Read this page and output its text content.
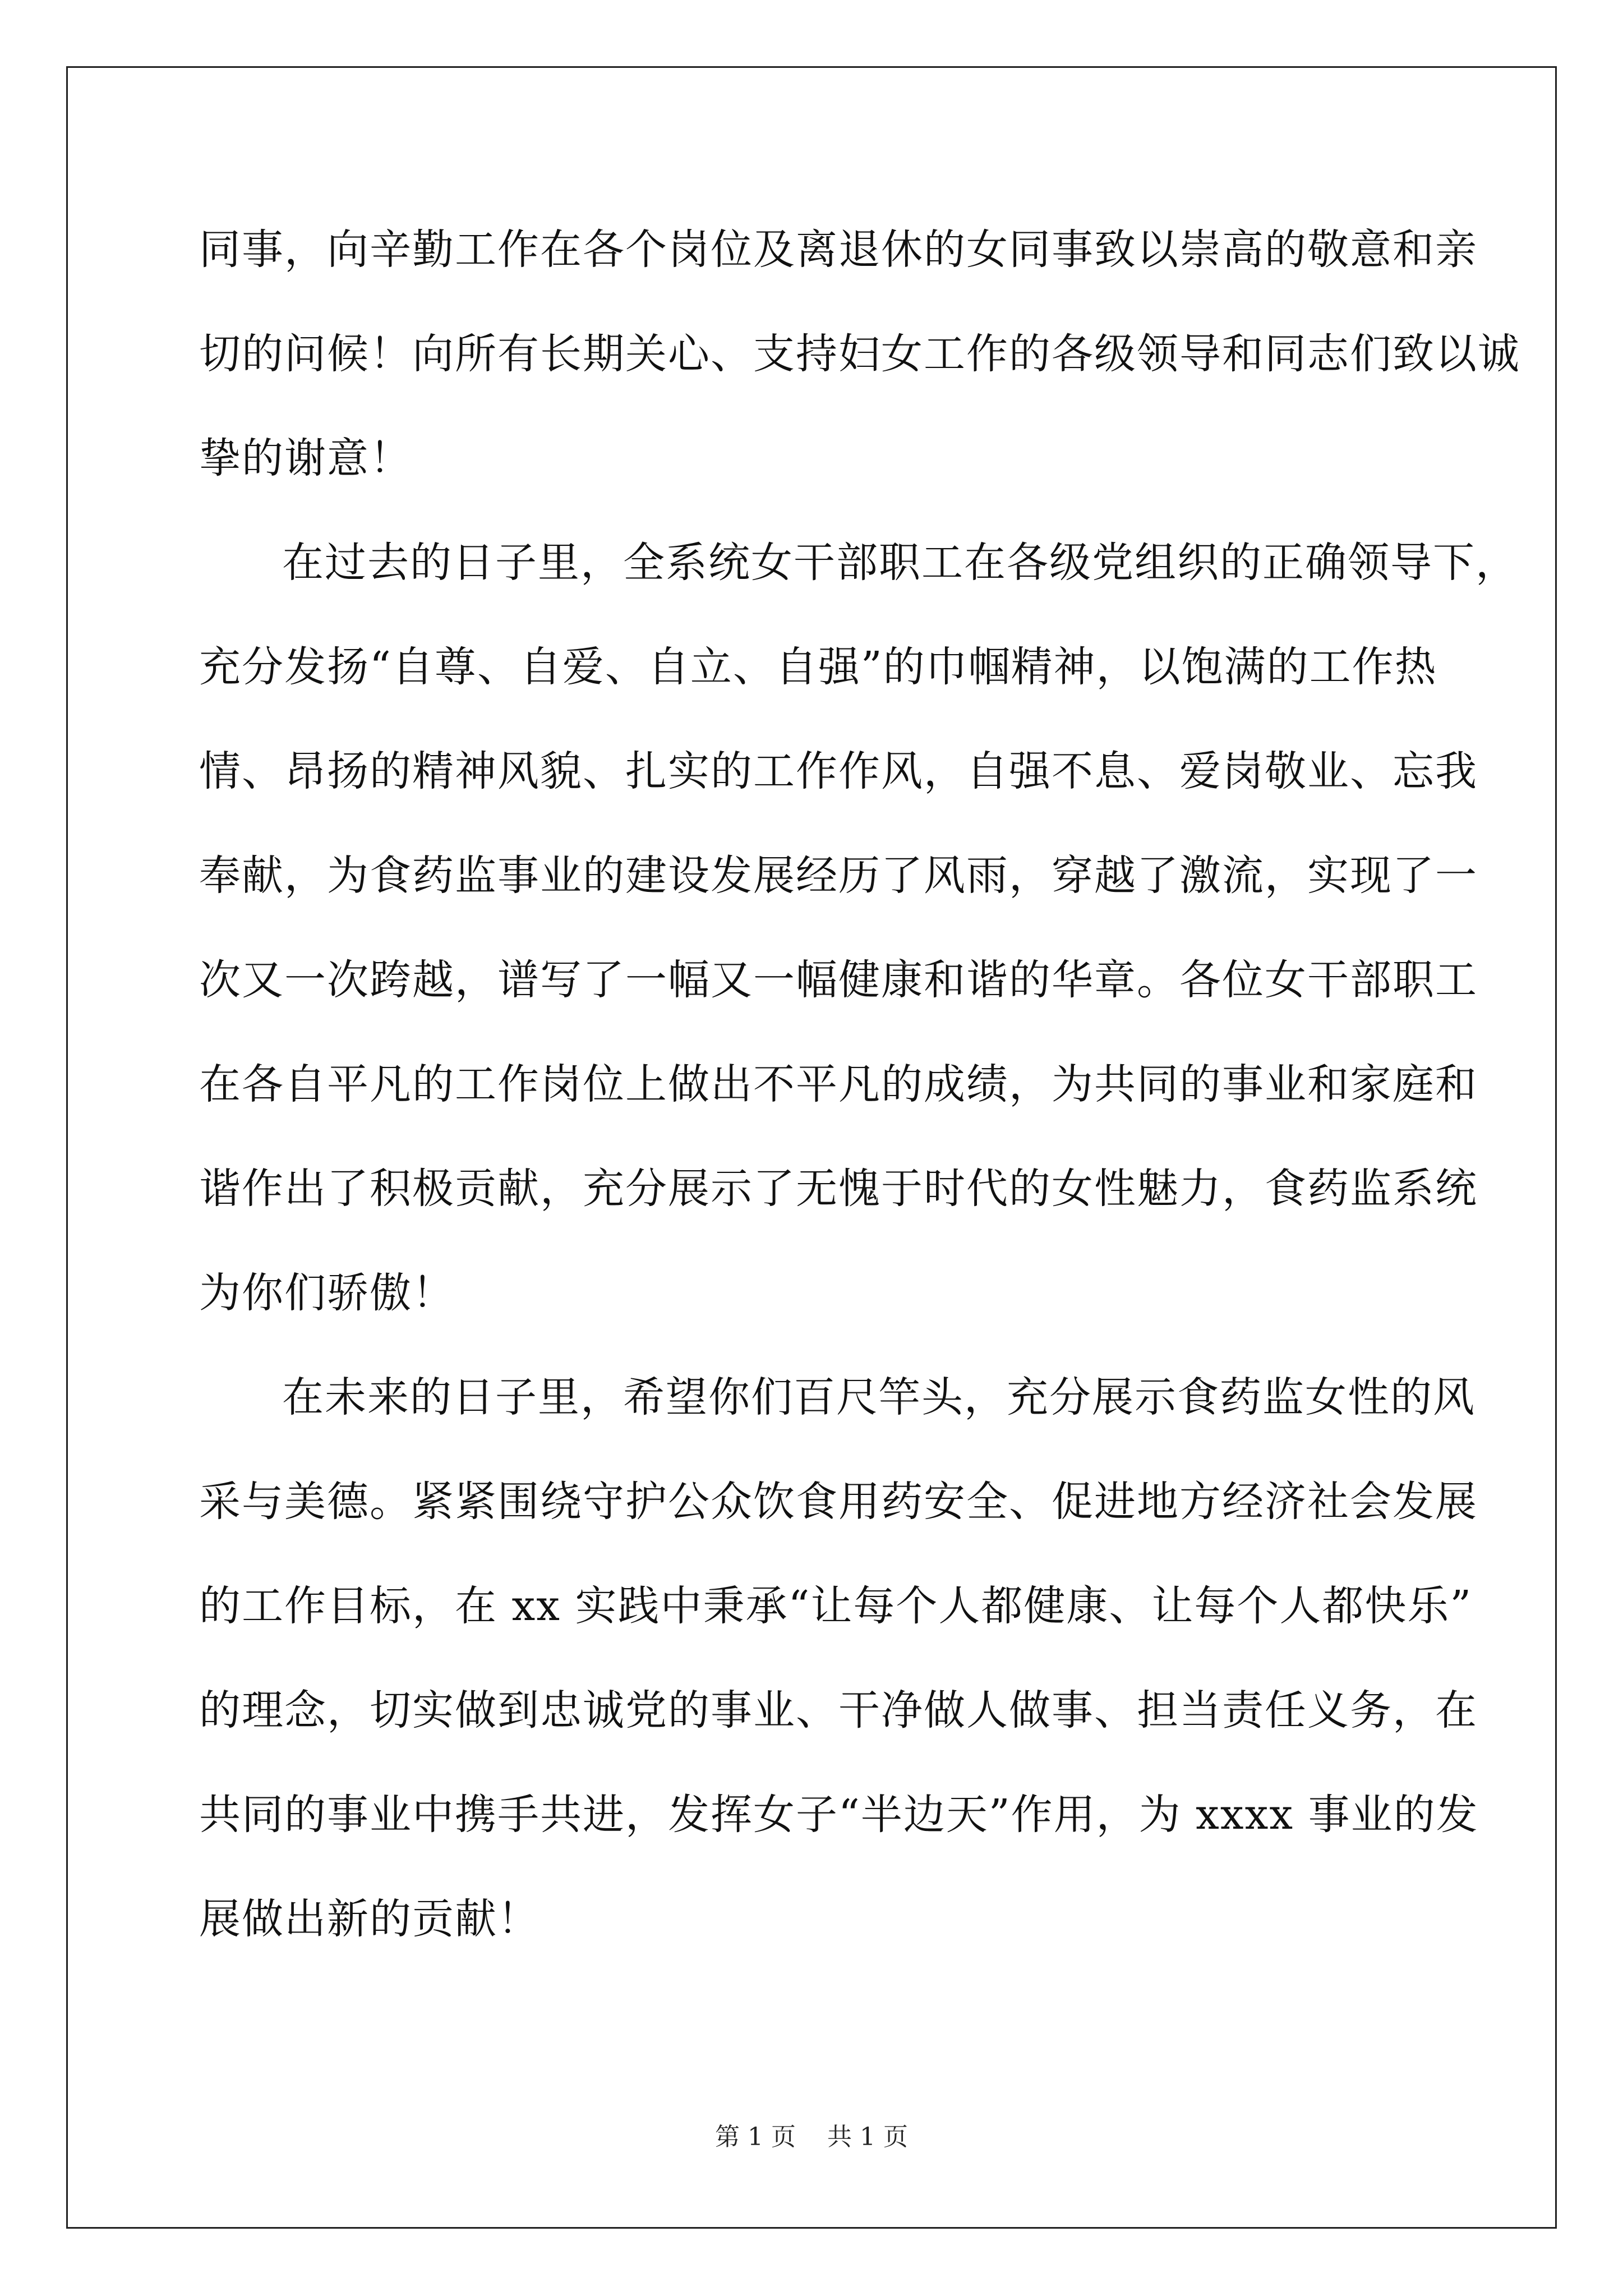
同事，向辛勤工作在各个岗位及离退休的女同事致以崇高的敬意和亲
切的问候！向所有长期关心、支持妇女工作的各级领导和同志们致以诚
挚的谢意！
在过去的日子里，全系统女干部职工在各级党组织的正确领导下，
充分发扬“自尊、自爱、自立、自强”的巾帼精神，以饱满的工作热
情、昂扬的精神风貌、扎实的工作作风，自强不息、爱岗敬业、忘我
奉献，为食药监事业的建设发展经历了风雨，穿越了激流，实现了一
次又一次跨越，谱写了一幅又一幅健康和谐的华章。各位女干部职工
在各自平凡的工作岗位上做出不平凡的成绩，为共同的事业和家庭和
谐作出了积极贡献，充分展示了无愧于时代的女性魅力，食药监系统
为你们骄傲！
在未来的日子里，希望你们百尺竿头，充分展示食药监女性的风
采与美德。紧紧围绕守护公众饮食用药安全、促进地方经济社会发展
的工作目标，在 xx 实践中秉承“让每个人都健康、让每个人都快乐”
的理念，切实做到忠诚党的事业、干净做人做事、担当责任义务，在
共同的事业中携手共进，发挥女子“半边天”作用，为 xxxx 事业的发
展做出新的贡献！
第 1 页 共 1 页
